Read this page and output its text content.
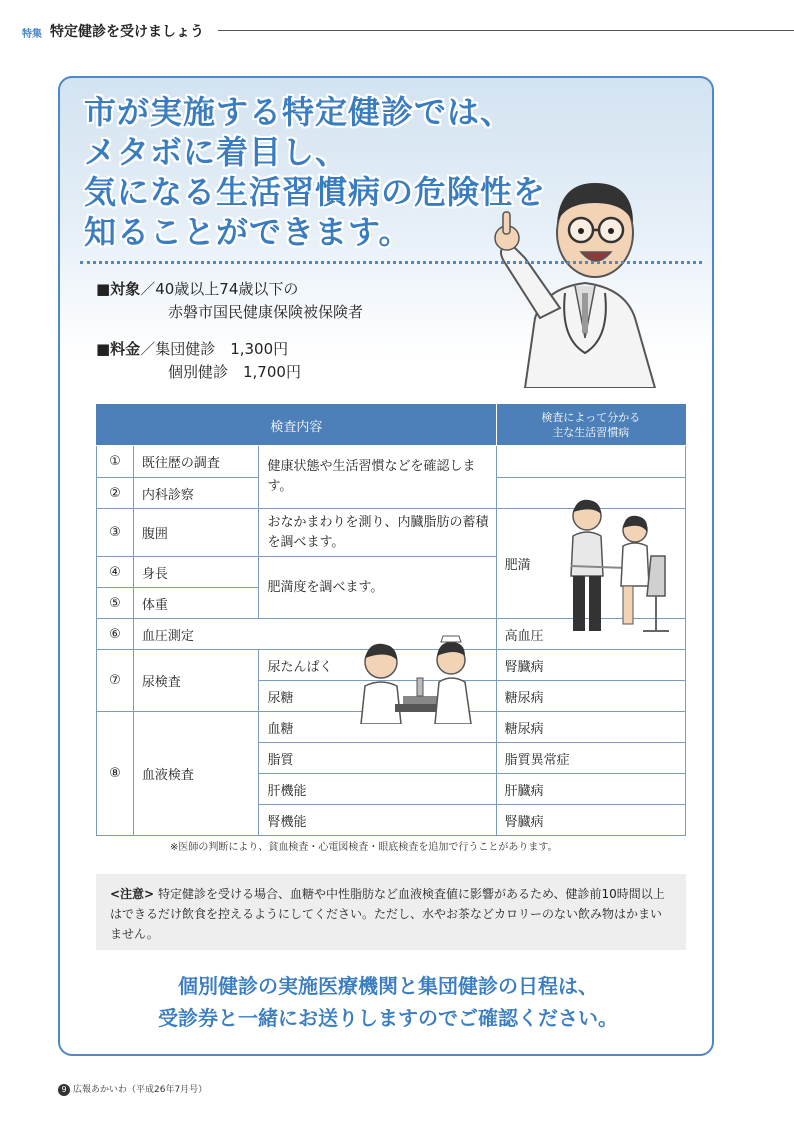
特集 特定健診を受けましょう
市が実施する特定健診では、
メタボに着目し、
気になる生活習慣病の危険性を
知ることができます。
■対象／40歳以上74歳以下の
赤磐市国民健康保険被保険者
■料金／集団健診　1,300円
個別健診　1,700円
検査内容			検査によって分かる
主な生活習慣病
①	既往歴の調査	健康状態や生活習慣などを確認します。	
②	内科診察		
③	腹囲	おなかまわりを測り、内臓脂肪の蓄積を調べます。	肥満
④	身長	肥満度を調べます。	
⑤	体重		
⑥	血圧測定		高血圧
⑦	尿検査	尿たんぱく	腎臓病
		尿糖	糖尿病
⑧	血液検査	血糖	糖尿病
		脂質	脂質異常症
		肝機能	肝臓病
		腎機能	腎臓病
※医師の判断により、貧血検査・心電図検査・眼底検査を追加で行うことがあります。
<注意> 特定健診を受ける場合、血糖や中性脂肪など血液検査値に影響があるため、健診前10時間以上はできるだけ飲食を控えるようにしてください。ただし、水やお茶などカロリーのない飲み物はかまいません。
個別健診の実施医療機関と集団健診の日程は、
受診券と一緒にお送りしますのでご確認ください。
9 広報あかいわ（平成26年7月号）
